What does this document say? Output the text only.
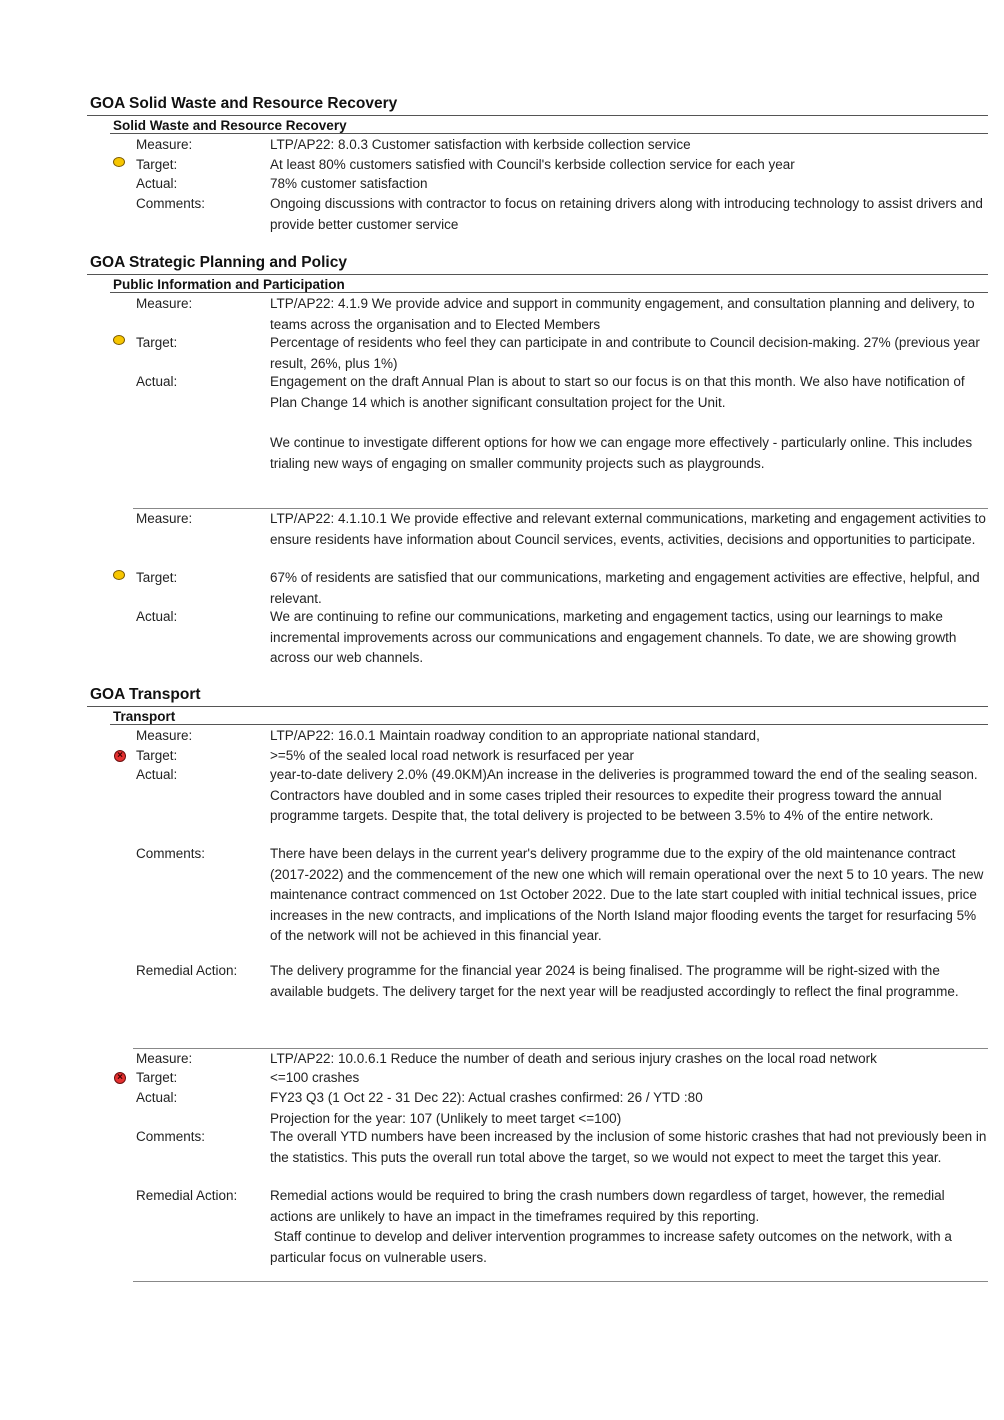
GOA Solid Waste and Resource Recovery
Solid Waste and Resource Recovery
Measure:	LTP/AP22: 8.0.3 Customer satisfaction with kerbside collection service
Target:	At least 80% customers satisfied with Council's kerbside collection service for each year
Actual:	78% customer satisfaction
Comments:	Ongoing discussions with contractor to focus on retaining drivers along with introducing technology to assist drivers and provide better customer service
GOA Strategic Planning and Policy
Public Information and Participation
Measure:	LTP/AP22: 4.1.9 We provide advice and support in community engagement, and consultation planning and delivery, to teams across the organisation and to Elected Members
Target:	Percentage of residents who feel they can participate in and contribute to Council decision-making. 27% (previous year result, 26%, plus 1%)
Actual:	Engagement on the draft Annual Plan is about to start so our focus is on that this month. We also have notification of Plan Change 14 which is another significant consultation project for the Unit.

We continue to investigate different options for how we can engage more effectively - particularly online. This includes trialing new ways of engaging on smaller community projects such as playgrounds.

Measure:	LTP/AP22: 4.1.10.1 We provide effective and relevant external communications, marketing and engagement activities to ensure residents have information about Council services, events, activities, decisions and opportunities to participate.
Target:	67% of residents are satisfied that our communications, marketing and engagement activities are effective, helpful, and relevant.
Actual:	We are continuing to refine our communications, marketing and engagement tactics, using our learnings to make incremental improvements across our communications and engagement channels. To date, we are showing growth across our web channels.
GOA Transport
Transport
Measure:	LTP/AP22: 16.0.1 Maintain roadway condition to an appropriate national standard,
× Target:	>=5% of the sealed local road network is resurfaced per year
Actual:	year-to-date delivery 2.0% (49.0KM)An increase in the deliveries is programmed toward the end of the sealing season. Contractors have doubled and in some cases tripled their resources to expedite their progress toward the annual programme targets. Despite that, the total delivery is projected to be between 3.5% to 4% of the entire network.
Comments:	There have been delays in the current year's delivery programme due to the expiry of the old maintenance contract (2017-2022) and the commencement of the new one which will remain operational over the next 5 to 10 years. The new maintenance contract commenced on 1st October 2022. Due to the late start coupled with initial technical issues, price increases in the new contracts, and implications of the North Island major flooding events the target for resurfacing 5% of the network will not be achieved in this financial year.
Remedial Action: The delivery programme for the financial year 2024 is being finalised. The programme will be right-sized with the available budgets. The delivery target for the next year will be readjusted accordingly to reflect the final programme.
Measure:	LTP/AP22: 10.0.6.1 Reduce the number of death and serious injury crashes on the local road network
× Target:	<=100 crashes
Actual:	FY23 Q3 (1 Oct 22 - 31 Dec 22): Actual crashes confirmed: 26 / YTD :80

Projection for the year: 107 (Unlikely to meet target <=100)

Comments:	The overall YTD numbers have been increased by the inclusion of some historic crashes that had not previously been in the statistics. This puts the overall run total above the target, so we would not expect to meet the target this year.
Remedial Action: Remedial actions would be required to bring the crash numbers down regardless of target, however, the remedial actions are unlikely to have an impact in the timeframes required by this reporting.

Staff continue to develop and deliver intervention programmes to increase safety outcomes on the network, with a particular focus on vulnerable users.
